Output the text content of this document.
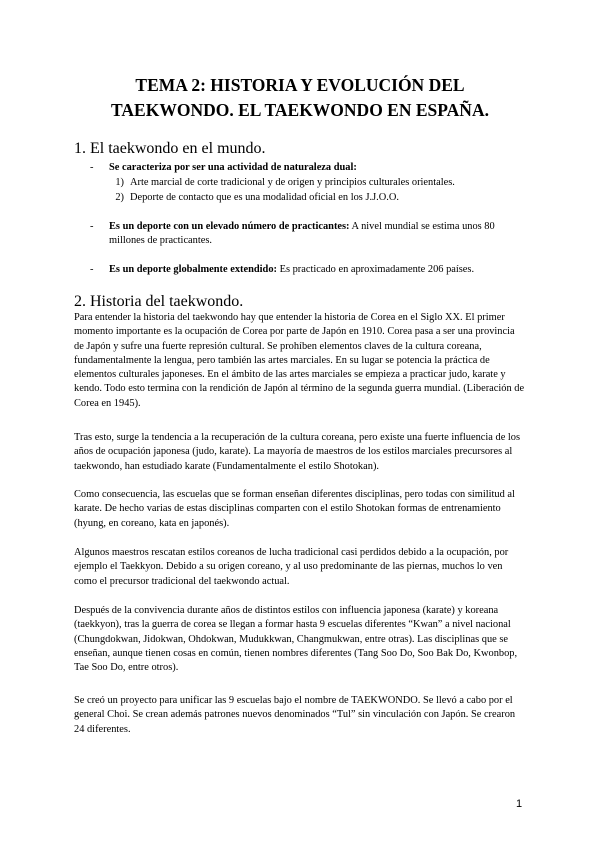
TEMA 2: HISTORIA Y EVOLUCIÓN DEL
TAEKWONDO. EL TAEKWONDO EN ESPAÑA.
1. El taekwondo en el mundo.
- Se caracteriza por ser una actividad de naturaleza dual:
1) Arte marcial de corte tradicional y de origen y principios culturales orientales.
2) Deporte de contacto que es una modalidad oficial en los J.J.O.O.
- Es un deporte con un elevado número de practicantes: A nivel mundial se estima unos 80 millones de practicantes.
- Es un deporte globalmente extendido: Es practicado en aproximadamente 206 países.
2. Historia del taekwondo.

Para entender la historia del taekwondo hay que entender la historia de Corea en el Siglo XX. El primer momento importante es la ocupación de Corea por parte de Japón en 1910. Corea pasa a ser una provincia de Japón y sufre una fuerte represión cultural. Se prohíben elementos claves de la cultura coreana, fundamentalmente la lengua, pero también las artes marciales. En su lugar se potencia la práctica de elementos culturales japoneses. En el ámbito de las artes marciales se empieza a practicar judo, karate y kendo. Todo esto termina con la rendición de Japón al término de la segunda guerra mundial. (Liberación de Corea en 1945).

Tras esto, surge la tendencia a la recuperación de la cultura coreana, pero existe una fuerte influencia de los años de ocupación japonesa (judo, karate). La mayoría de maestros de los estilos marciales precursores al taekwondo, han estudiado karate (Fundamentalmente el estilo Shotokan).

Como consecuencia, las escuelas que se forman enseñan diferentes disciplinas, pero todas con similitud al karate. De hecho varias de estas disciplinas comparten con el estilo Shotokan formas de entrenamiento (hyung, en coreano, kata en japonés).

Algunos maestros rescatan estilos coreanos de lucha tradicional casi perdidos debido a la ocupación, por ejemplo el Taekkyon. Debido a su origen coreano, y al uso predominante de las piernas, muchos lo ven como el precursor tradicional del taekwondo actual.

Después de la convivencia durante años de distintos estilos con influencia japonesa (karate) y koreana (taekkyon), tras la guerra de corea se llegan a formar hasta 9 escuelas diferentes “Kwan” a nivel nacional (Chungdokwan, Jidokwan, Ohdokwan, Mudukkwan, Changmukwan, entre otras). Las disciplinas que se enseñan, aunque tienen cosas en común, tienen nombres diferentes (Tang Soo Do, Soo Bak Do, Kwonbop, Tae Soo Do, entre otros).

Se creó un proyecto para unificar las 9 escuelas bajo el nombre de TAEKWONDO. Se llevó a cabo por el general Choi. Se crean además patrones nuevos denominados “Tul” sin vinculación con Japón. Se crearon 24 diferentes.

1
